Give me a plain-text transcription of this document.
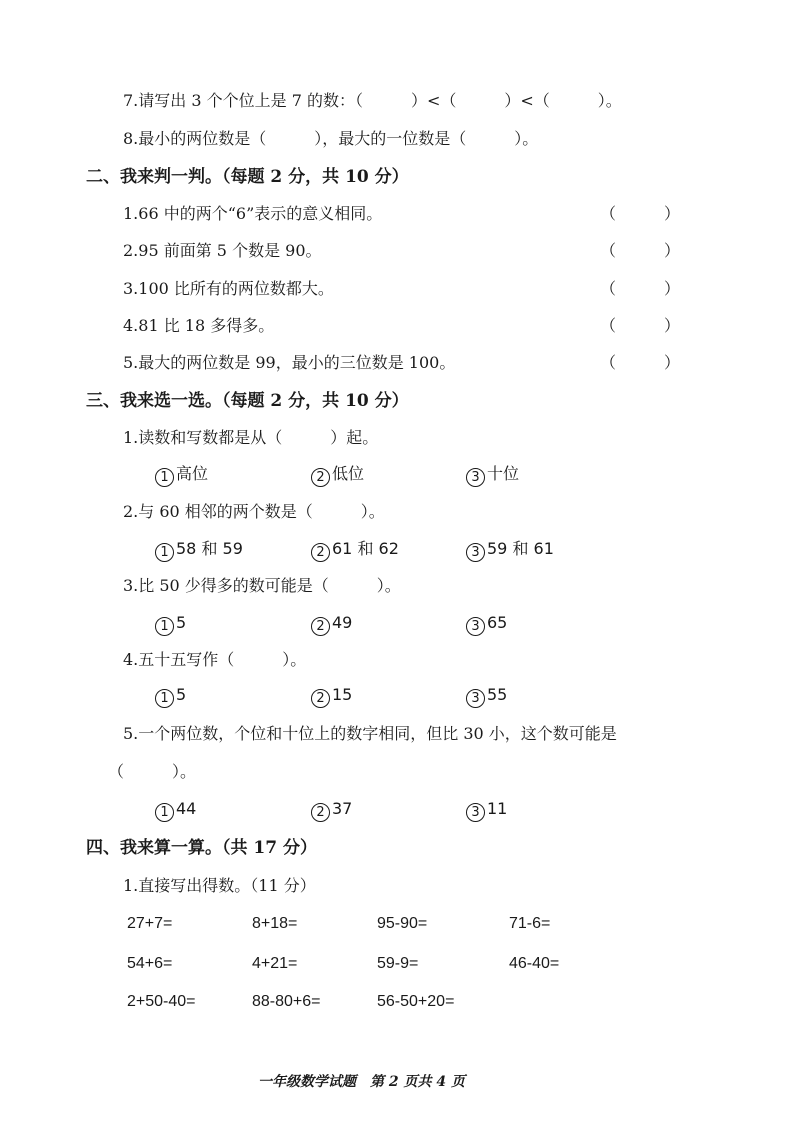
7.请写出 3 个个位上是 7 的数：（　　　）<（　　　）<（　　　）。
8.最小的两位数是（　　　），最大的一位数是（　　　）。
二、我来判一判。（每题 2 分，共 10 分）
1.66 中的两个“6”表示的意义相同。	（　　　）
2.95 前面第 5 个数是 90。	（　　　）
3.100 比所有的两位数都大。	（　　　）
4.81 比 18 多得多。	（　　　）
5.最大的两位数是 99，最小的三位数是 100。	（　　　）
三、我来选一选。（每题 2 分，共 10 分）
1.读数和写数都是从（　　　）起。
1 高位	2 低位	3 十位
2.与 60 相邻的两个数是（　　　）。
1 58 和 59	2 61 和 62	3 59 和 61
3.比 50 少得多的数可能是（　　　）。
1 5	2 49	3 65
4.五十五写作（　　　）。
1 5	2 15	3 55
5.一个两位数，个位和十位上的数字相同，但比 30 小，这个数可能是
（　　　）。
1 44	2 37	3 11
四、我来算一算。（共 17 分）
1.直接写出得数。（11 分）
27+7=	8+18=	95-90=	71-6=
54+6=	4+21=	59-9=	46-40=
2+50-40=	88-80+6=	56-50+20=
一年级数学试题　第 2 页共 4 页
